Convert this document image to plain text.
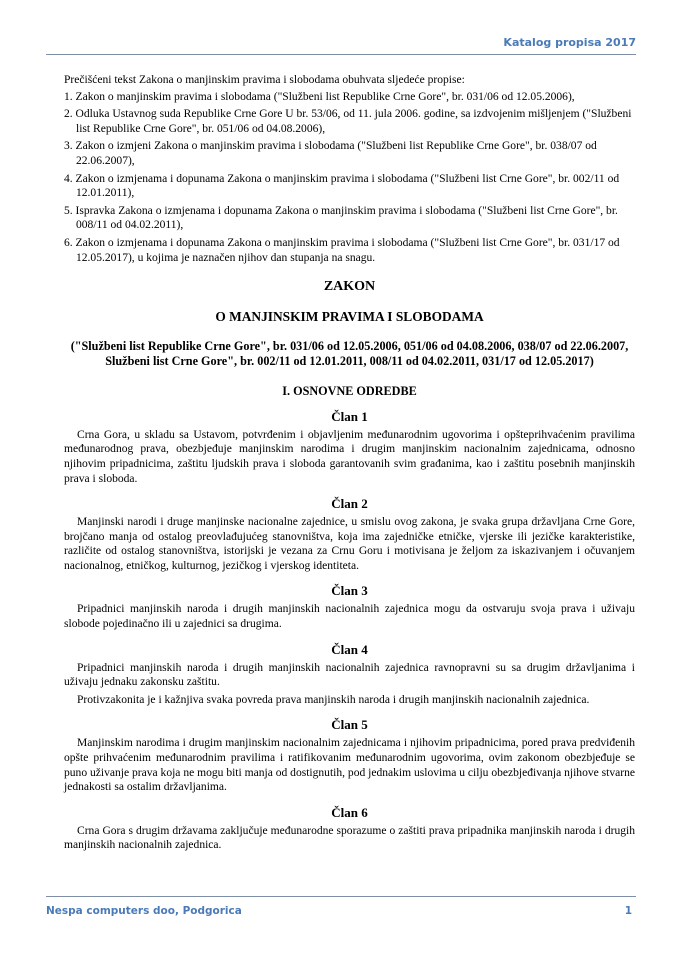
Katalog propisa 2017

Prečišćeni tekst Zakona o manjinskim pravima i slobodama obuhvata sljedeće propise:

1. Zakon o manjinskim pravima i slobodama ("Službeni list Republike Crne Gore", br. 031/06 od 12.05.2006),
2. Odluka Ustavnog suda Republike Crne Gore U br. 53/06, od 11. jula 2006. godine, sa izdvojenim mišljenjem ("Službeni list Republike Crne Gore", br. 051/06 od 04.08.2006),
3. Zakon o izmjeni Zakona o manjinskim pravima i slobodama ("Službeni list Republike Crne Gore", br. 038/07 od 22.06.2007),
4. Zakon o izmjenama i dopunama Zakona o manjinskim pravima i slobodama ("Službeni list Crne Gore", br. 002/11 od 12.01.2011),
5. Ispravka Zakona o izmjenama i dopunama Zakona o manjinskim pravima i slobodama ("Službeni list Crne Gore", br. 008/11 od 04.02.2011),
6. Zakon o izmjenama i dopunama Zakona o manjinskim pravima i slobodama ("Službeni list Crne Gore", br. 031/17 od 12.05.2017), u kojima je naznačen njihov dan stupanja na snagu.
ZAKON
O MANJINSKIM PRAVIMA I SLOBODAMA
("Službeni list Republike Crne Gore", br. 031/06 od 12.05.2006, 051/06 od 04.08.2006, 038/07 od 22.06.2007, Službeni list Crne Gore", br. 002/11 od 12.01.2011, 008/11 od 04.02.2011, 031/17 od 12.05.2017)
I. OSNOVNE ODREDBE
Član 1

Crna Gora, u skladu sa Ustavom, potvrđenim i objavljenim međunarodnim ugovorima i opšteprihvaćenim pravilima međunarodnog prava, obezbjeđuje manjinskim narodima i drugim manjinskim nacionalnim zajednicama, odnosno njihovim pripadnicima, zaštitu ljudskih prava i sloboda garantovanih svim građanima, kao i zaštitu posebnih manjinskih prava i sloboda.

Član 2

Manjinski narodi i druge manjinske nacionalne zajednice, u smislu ovog zakona, je svaka grupa državljana Crne Gore, brojčano manja od ostalog preovlađujućeg stanovništva, koja ima zajedničke etničke, vjerske ili jezičke karakteristike, različite od ostalog stanovništva, istorijski je vezana za Crnu Goru i motivisana je željom za iskazivanjem i očuvanjem nacionalnog, etničkog, kulturnog, jezičkog i vjerskog identiteta.

Član 3

Pripadnici manjinskih naroda i drugih manjinskih nacionalnih zajednica mogu da ostvaruju svoja prava i uživaju slobode pojedinačno ili u zajednici sa drugima.

Član 4

Pripadnici manjinskih naroda i drugih manjinskih nacionalnih zajednica ravnopravni su sa drugim državljanima i uživaju jednaku zakonsku zaštitu.

Protivzakonita je i kažnjiva svaka povreda prava manjinskih naroda i drugih manjinskih nacionalnih zajednica.

Član 5

Manjinskim narodima i drugim manjinskim nacionalnim zajednicama i njihovim pripadnicima, pored prava predviđenih opšte prihvaćenim međunarodnim pravilima i ratifikovanim međunarodnim ugovorima, ovim zakonom obezbjeđuje se puno uživanje prava koja ne mogu biti manja od dostignutih, pod jednakim uslovima u cilju obezbjeđivanja njihove stvarne jednakosti sa ostalim državljanima.

Član 6

Crna Gora s drugim državama zaključuje međunarodne sporazume o zaštiti prava pripadnika manjinskih naroda i drugih manjinskih nacionalnih zajednica.

Nespa computers doo, Podgorica	1
